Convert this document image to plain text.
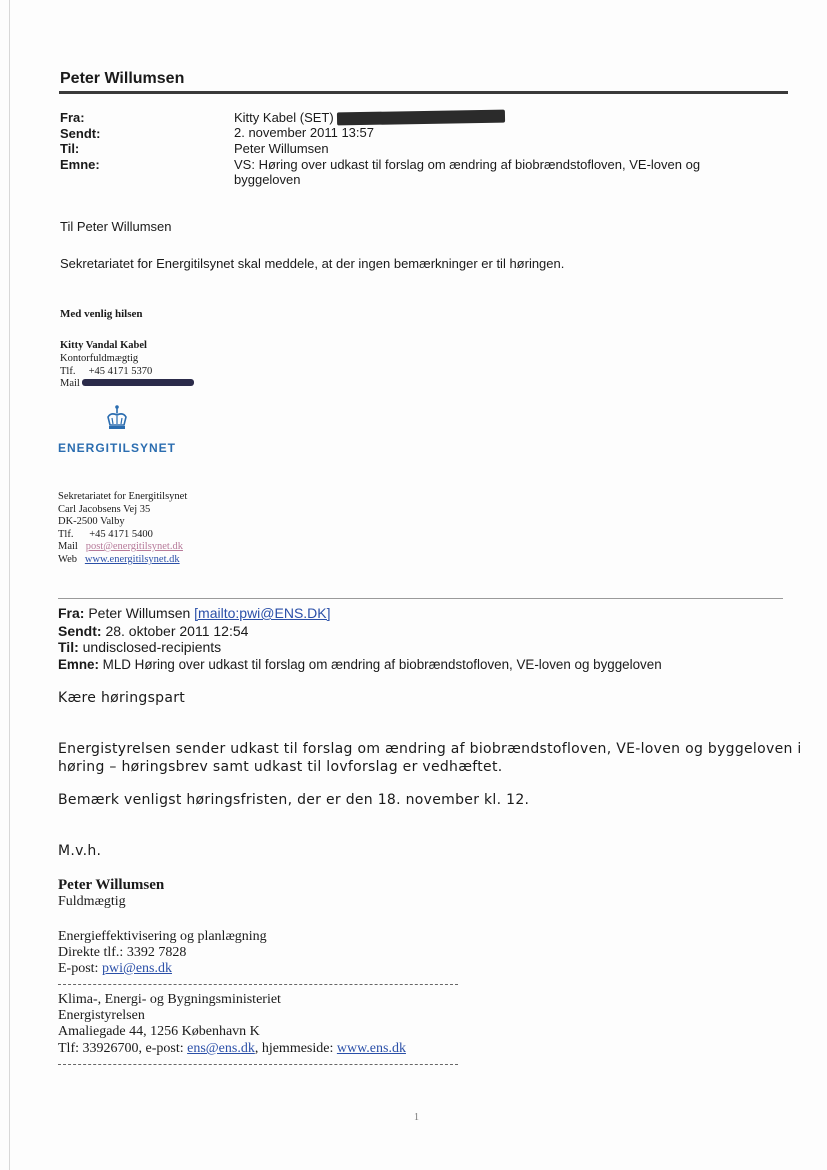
Peter Willumsen
Fra:
Sendt:
Til:
Emne:
Kitty Kabel (SET)
2. november 2011 13:57
Peter Willumsen
VS: Høring over udkast til forslag om ændring af biobrændstofloven, VE-loven og
byggeloven
Til Peter Willumsen
Sekretariatet for Energitilsynet skal meddele, at der ingen bemærkninger er til høringen.
Med venlig hilsen
Kitty Vandal Kabel
Kontorfuldmægtig
Tlf. +45 4171 5370
Mail
ENERGITILSYNET
Sekretariatet for Energitilsynet
Carl Jacobsens Vej 35
DK-2500 Valby
Tlf. +45 4171 5400
Mail post@energitilsynet.dk
Web www.energitilsynet.dk
Fra: Peter Willumsen [mailto:pwi@ENS.DK]
Sendt: 28. oktober 2011 12:54
Til: undisclosed-recipients
Emne: MLD Høring over udkast til forslag om ændring af biobrændstofloven, VE-loven og byggeloven
Kære høringspart
Energistyrelsen sender udkast til forslag om ændring af biobrændstofloven, VE-loven og byggeloven i
høring – høringsbrev samt udkast til lovforslag er vedhæftet.
Bemærk venligst høringsfristen, der er den 18. november kl. 12.
M.v.h.
Peter Willumsen
Fuldmægtig
Energieffektivisering og planlægning
Direkte tlf.: 3392 7828
E-post: pwi@ens.dk
Klima-, Energi- og Bygningsministeriet
Energistyrelsen
Amaliegade 44, 1256 København K
Tlf: 33926700, e-post: ens@ens.dk, hjemmeside: www.ens.dk
1
